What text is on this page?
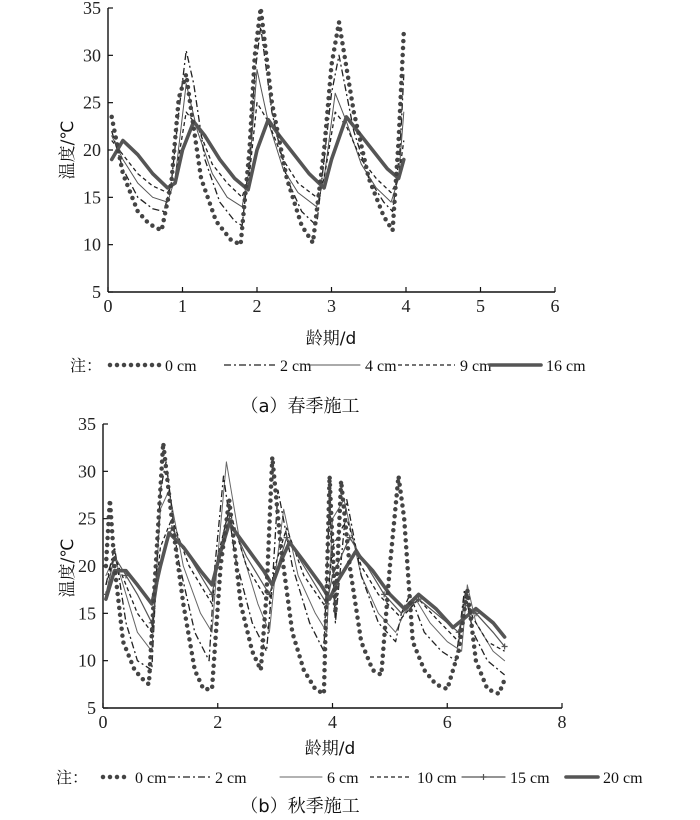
温度/℃
龄期/d
注：	0 cm	2 cm	4 cm	9 cm	16 cm
（a）春季施工
0	1	2	3	4	5	6
5
10
15
20
25
30
35
温度/℃
龄期/d
注：	0 cm	2 cm	6 cm	10 cm	15 cm	20 cm
（b）秋季施工
0	2	4	6	8
5
10
15
20
25
30
35
